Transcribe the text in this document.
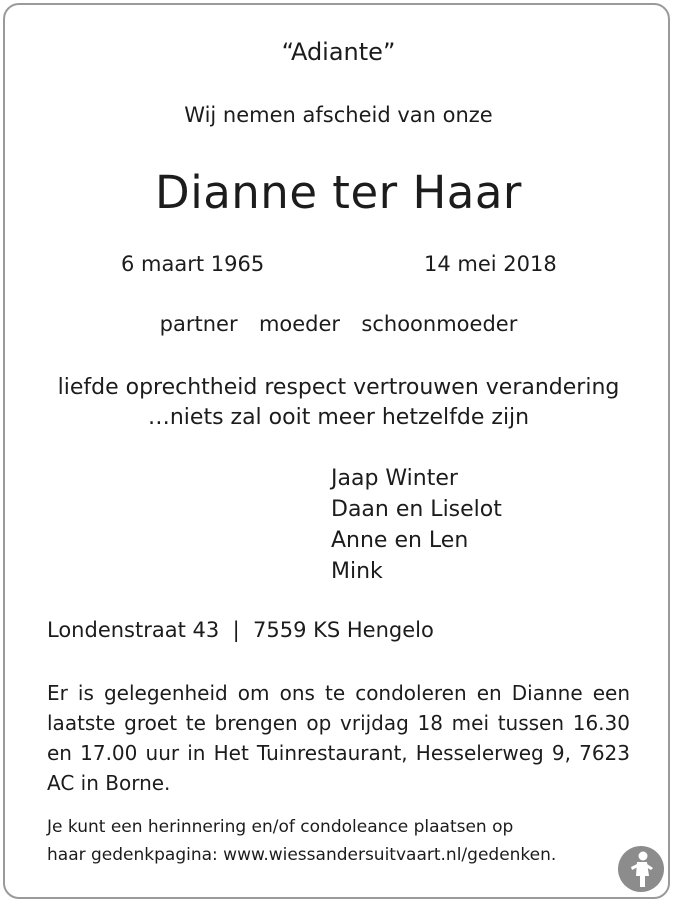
“Adiante”
Wij nemen afscheid van onze
Dianne ter Haar
6 maart 1965	14 mei 2018
partner  moeder  schoonmoeder
liefde oprechtheid respect vertrouwen verandering
…niets zal ooit meer hetzelfde zijn
Jaap Winter
Daan en Liselot
Anne en Len
Mink
Londenstraat 43  |  7559 KS Hengelo
Er is gelegenheid om ons te condoleren en Dianne een laatste groet te brengen op vrijdag 18 mei tussen 16.30 en 17.00 uur in Het Tuinrestaurant, Hesselerweg 9, 7623 AC in Borne.
Je kunt een herinnering en/of condoleance plaatsen op
haar gedenkpagina: www.wiessandersuitvaart.nl/gedenken.
